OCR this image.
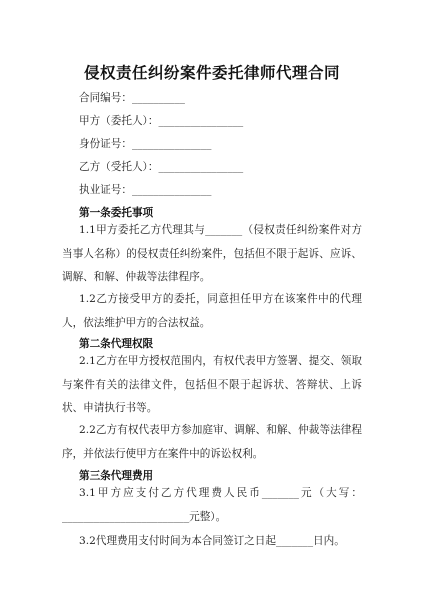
侵权责任纠纷案件委托律师代理合同
合同编号：__________
甲方（委托人）：________________
身份证号：_______________
乙方（受托人）：________________
执业证号：_______________
第一条委托事项

1.1甲方委托乙方代理其与_______（侵权责任纠纷案件对方当事人名称）的侵权责任纠纷案件，包括但不限于起诉、应诉、调解、和解、仲裁等法律程序。

1.2乙方接受甲方的委托，同意担任甲方在该案件中的代理人，依法维护甲方的合法权益。

第二条代理权限

2.1乙方在甲方授权范围内，有权代表甲方签署、提交、领取与案件有关的法律文件，包括但不限于起诉状、答辩状、上诉状、申请执行书等。

2.2乙方有权代表甲方参加庭审、调解、和解、仲裁等法律程序，并依法行使甲方在案件中的诉讼权利。

第三条代理费用

3.1甲方应支付乙方代理费人民币_______元（大写：________________________元整）。

3.2代理费用支付时间为本合同签订之日起_______日内。
